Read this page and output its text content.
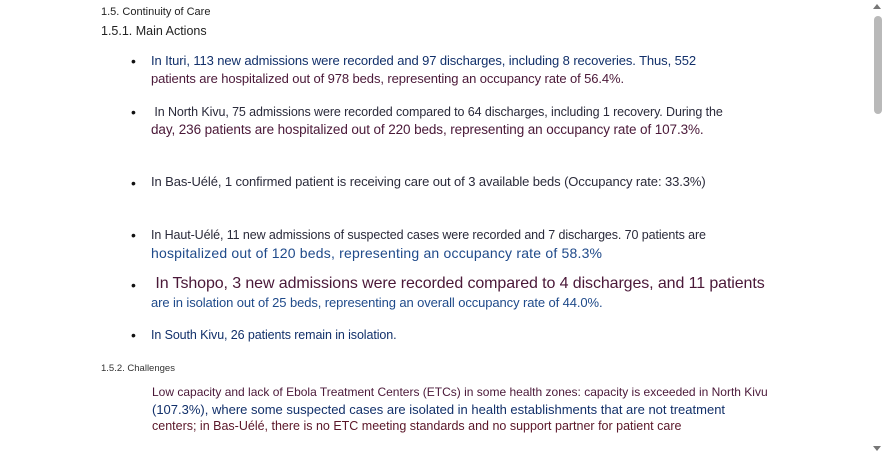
1.5. Continuity of Care
1.5.1. Main Actions
• In Ituri, 113 new admissions were recorded and 97 discharges, including 8 recoveries. Thus, 552
patients are hospitalized out of 978 beds, representing an occupancy rate of 56.4%.
• In North Kivu, 75 admissions were recorded compared to 64 discharges, including 1 recovery. During the
day, 236 patients are hospitalized out of 220 beds, representing an occupancy rate of 107.3%.
• In Bas-Uélé, 1 confirmed patient is receiving care out of 3 available beds (Occupancy rate: 33.3%)
• In Haut-Uélé, 11 new admissions of suspected cases were recorded and 7 discharges. 70 patients are
hospitalized out of 120 beds, representing an occupancy rate of 58.3%
• In Tshopo, 3 new admissions were recorded compared to 4 discharges, and 11 patients
are in isolation out of 25 beds, representing an overall occupancy rate of 44.0%.
• In South Kivu, 26 patients remain in isolation.
1.5.2. Challenges
Low capacity and lack of Ebola Treatment Centers (ETCs) in some health zones: capacity is exceeded in North Kivu
(107.3%), where some suspected cases are isolated in health establishments that are not treatment
centers; in Bas-Uélé, there is no ETC meeting standards and no support partner for patient care
